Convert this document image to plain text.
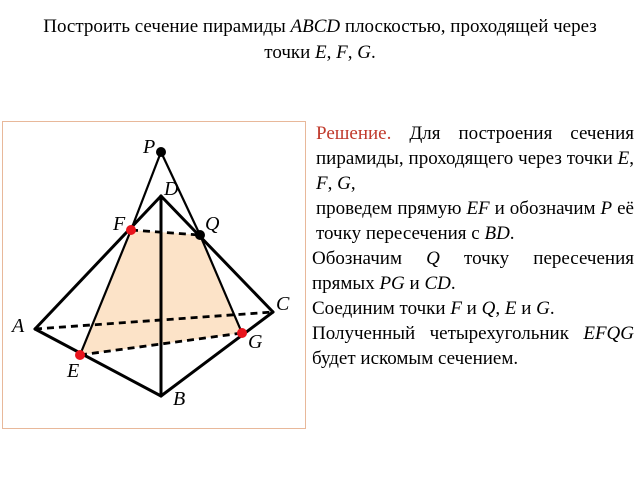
Построить сечение пирамиды ABCD плоскостью, проходящей через
точки E, F, G.
P
D
F	Q
C
A
G
E
B

Решение. Для построения сечения пирамиды, проходящего через точки E, F, G,

проведем прямую EF и обозначим P её точку пересечения с BD.

Обозначим Q точку пересечения прямых PG и CD.

Соединим точки F и Q, E и G.

Полученный четырехугольник EFQG будет искомым сечением.
